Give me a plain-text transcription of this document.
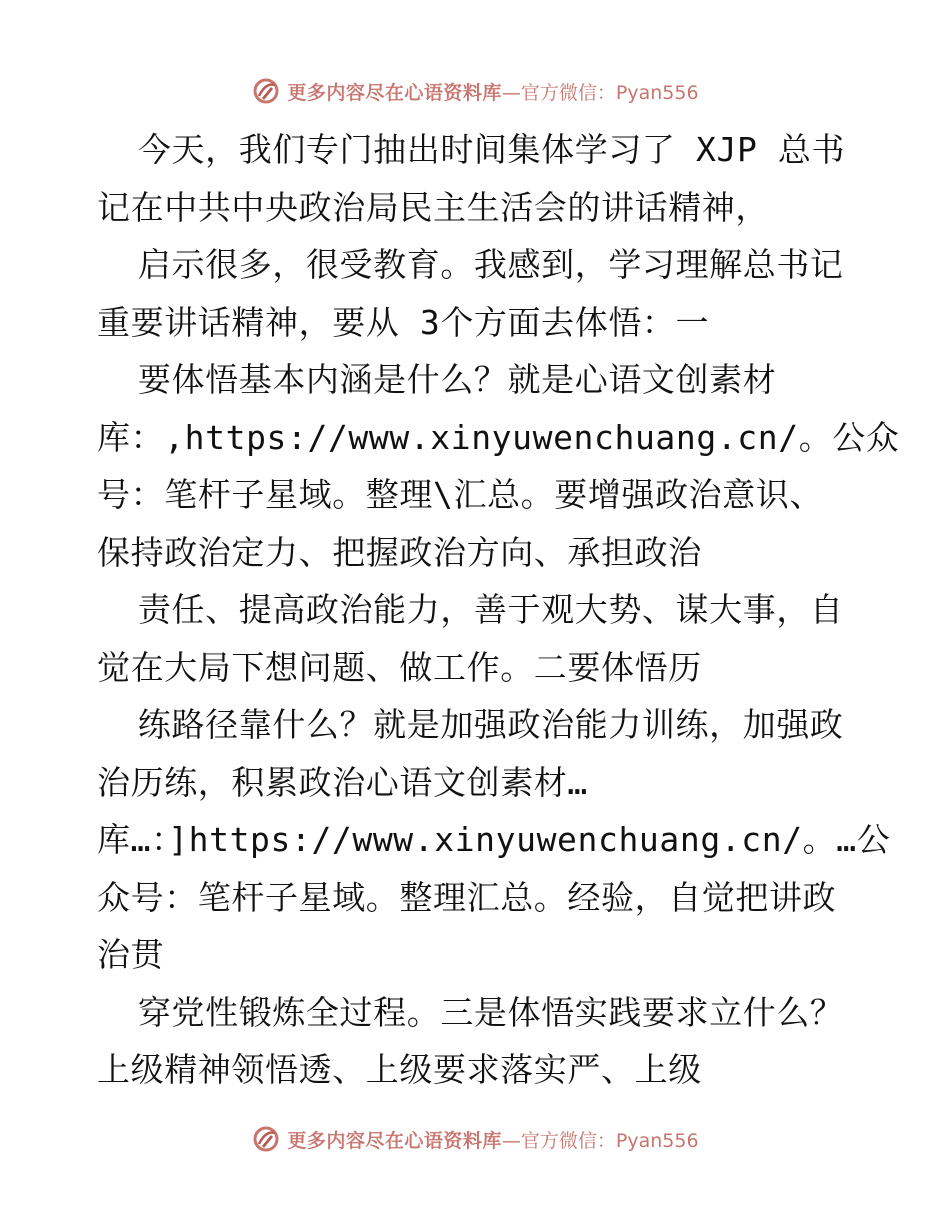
更多内容尽在心语资料库 —官方微信：Pyan556
今天，我们专门抽出时间集体学习了 XJP 总书
记在中共中央政治局民主生活会的讲话精神，
启示很多，很受教育。我感到，学习理解总书记
重要讲话精神，要从 3个方面去体悟：一
要体悟基本内涵是什么？就是心语文创素材
库：,https://www.xinyuwenchuang.cn/。公众
号：笔杆子星域。整理\汇总。要增强政治意识、
保持政治定力、把握政治方向、承担政治
责任、提高政治能力，善于观大势、谋大事，自
觉在大局下想问题、做工作。二要体悟历
练路径靠什么？就是加强政治能力训练，加强政
治历练，积累政治心语文创素材…
库…：]https://www.xinyuwenchuang.cn/。…公
众号：笔杆子星域。整理汇总。经验，自觉把讲政
治贯
穿党性锻炼全过程。三是体悟实践要求立什么？
上级精神领悟透、上级要求落实严、上级
更多内容尽在心语资料库 —官方微信：Pyan556
